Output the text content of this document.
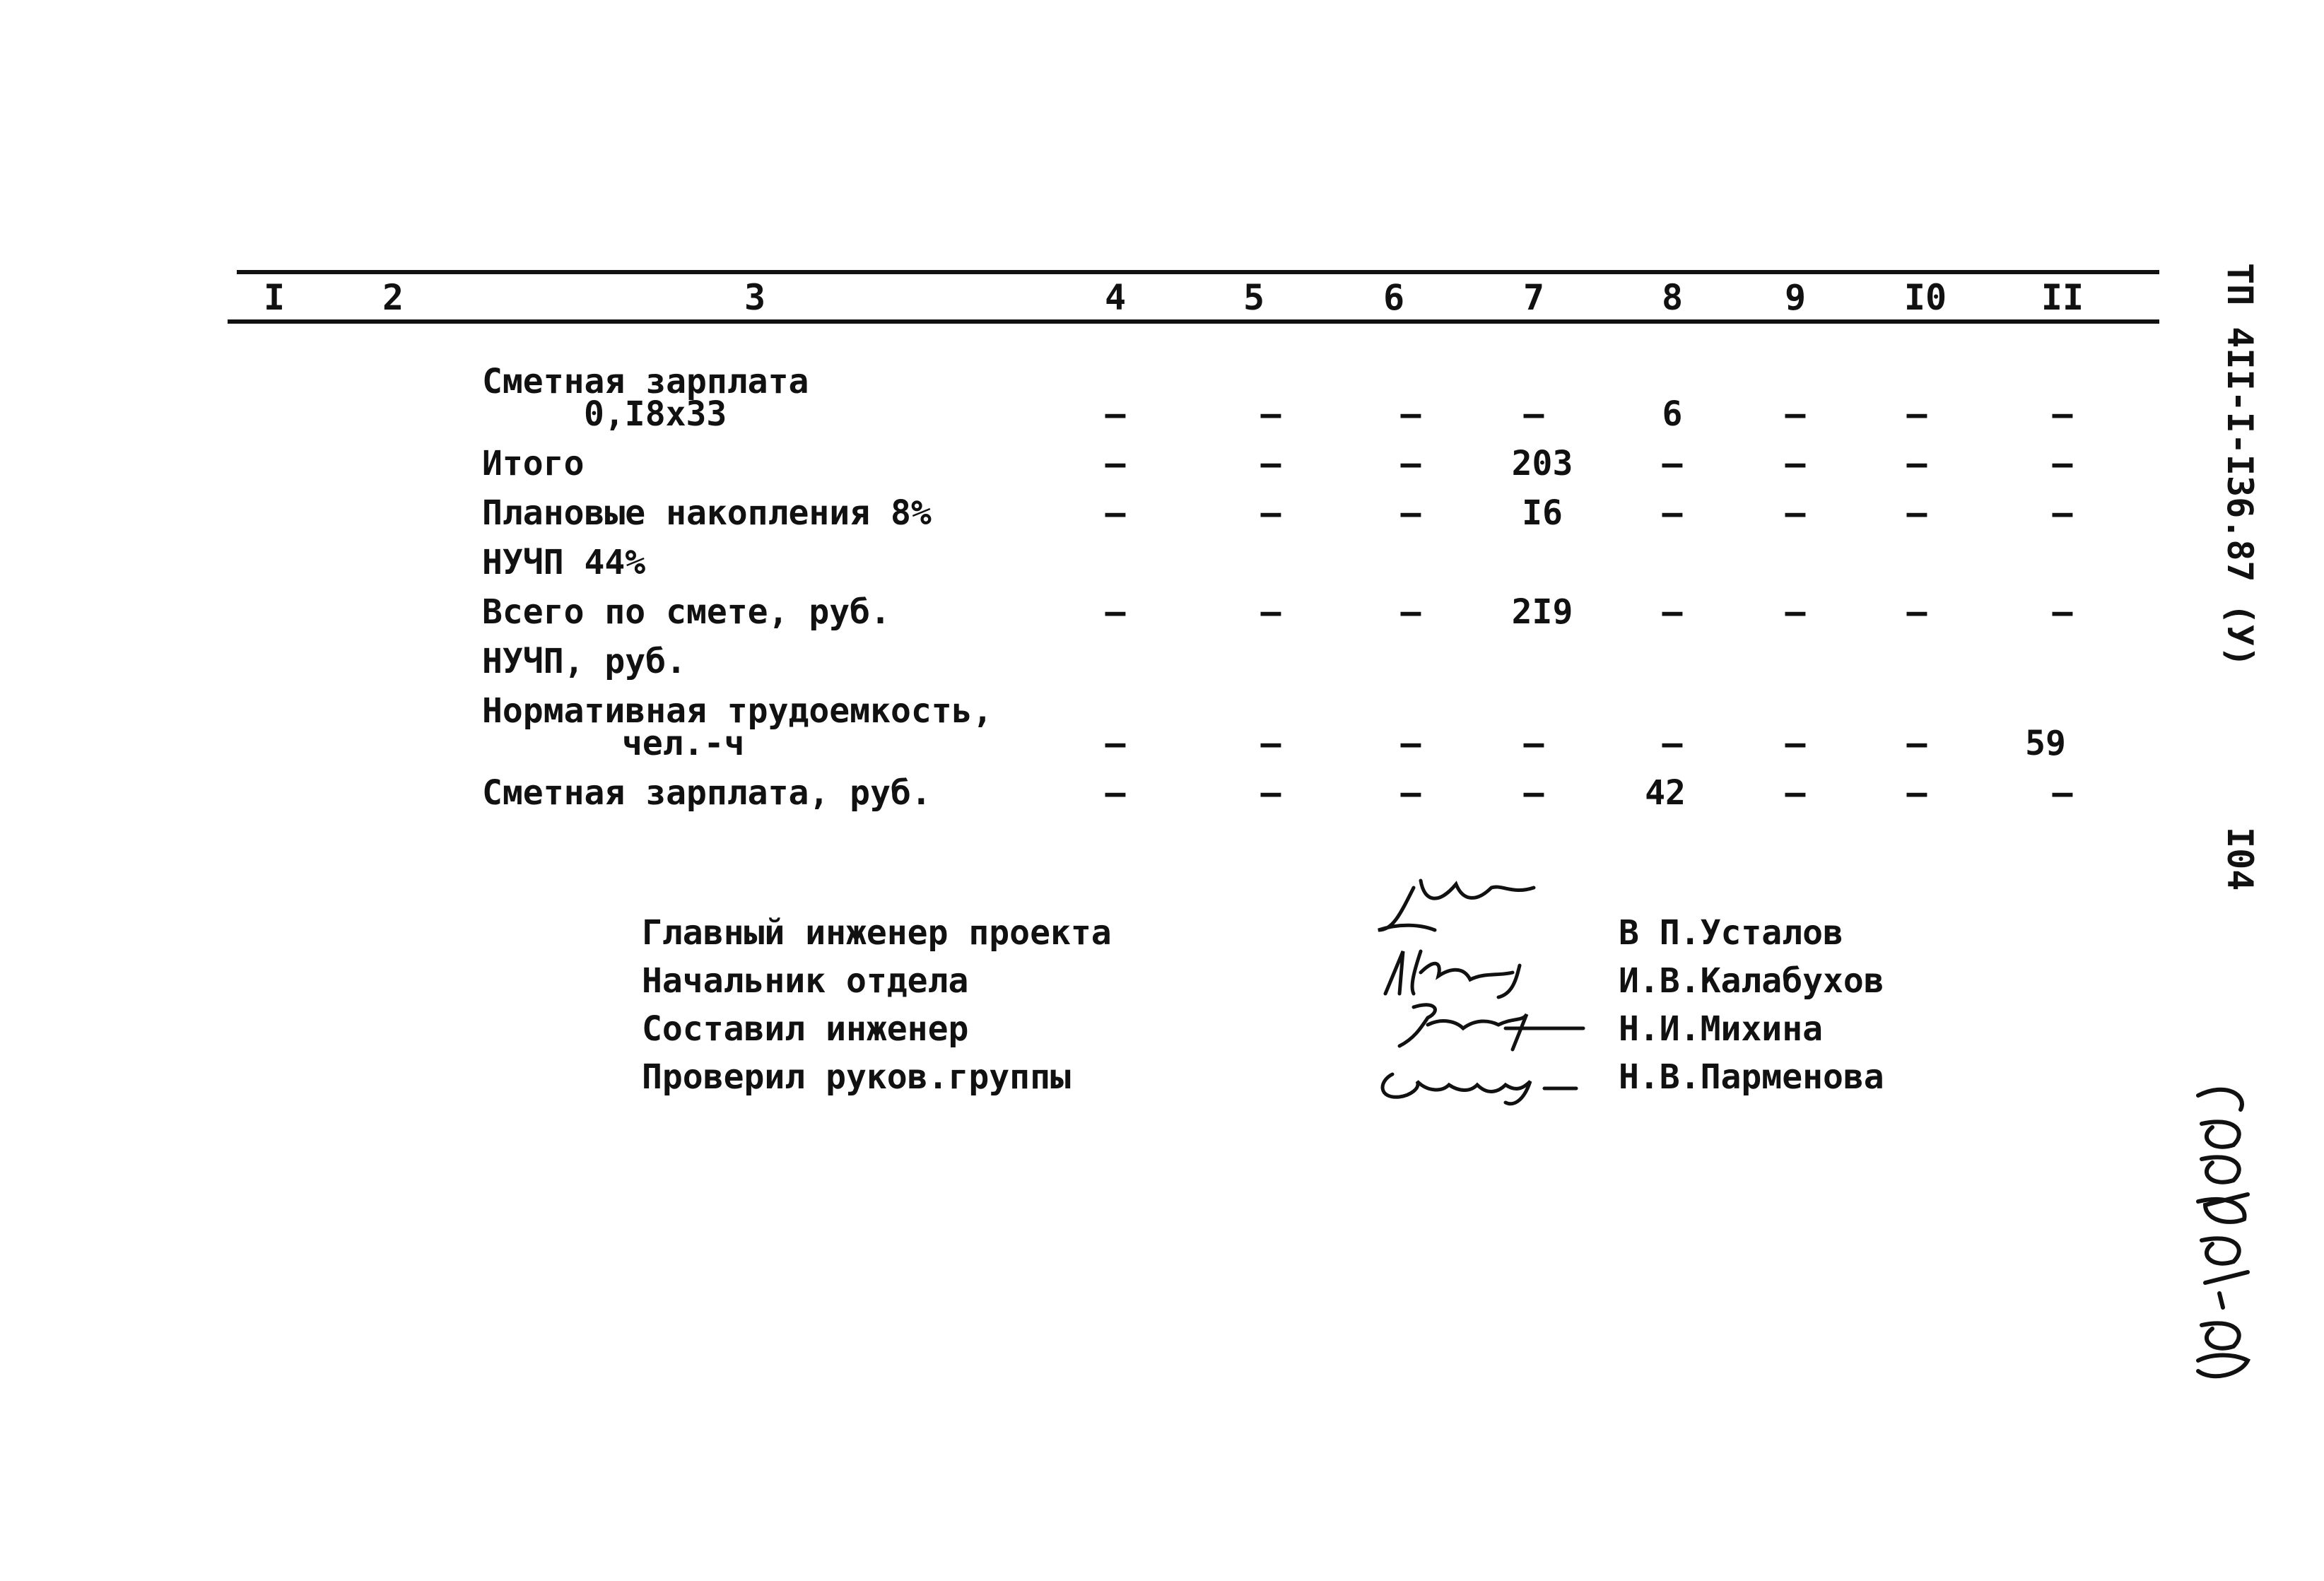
I	2	3	4	5	6	7	8	9	I0	II
Сметная зарплата
0,I8x33	–	–	–	–	6	–	–	–
Итого	–	–	–	203	–	–	–	–
Плановые накопления 8%	–	–	–	I6	–	–	–	–
НУЧП 44%
Всего по смете, руб.	–	–	–	2I9	–	–	–	–
НУЧП, руб.
Нормативная трудоемкость,
чел.-ч	–	–	–	–	–	–	–	59
Сметная зарплата, руб.	–	–	–	–	42	–	–	–
Главный инженер проекта	В П.Усталов
Начальник отдела	И.В.Калабухов
Составил инженер	Н.И.Михина
Проверил руков.группы	Н.В.Парменова
ТП 4II-I-I36.87 (У)
I04
